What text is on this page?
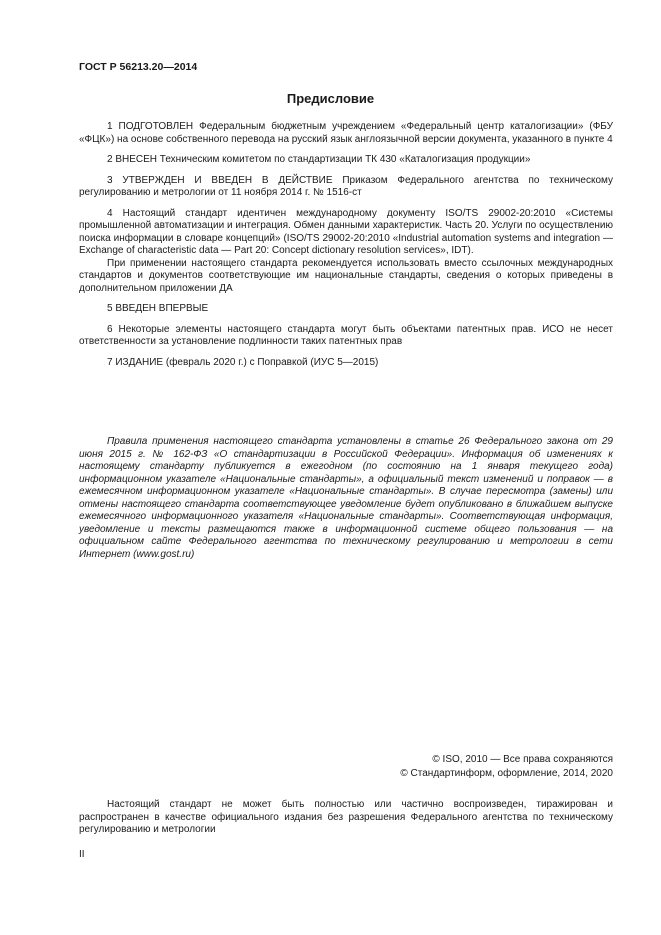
ГОСТ Р 56213.20—2014
Предисловие

1 ПОДГОТОВЛЕН Федеральным бюджетным учреждением «Федеральный центр каталогизации» (ФБУ «ФЦК») на основе собственного перевода на русский язык англоязычной версии документа, указанного в пункте 4

2 ВНЕСЕН Техническим комитетом по стандартизации ТК 430 «Каталогизация продукции»

3 УТВЕРЖДЕН И ВВЕДЕН В ДЕЙСТВИЕ Приказом Федерального агентства по техническому регулированию и метрологии от 11 ноября 2014 г. № 1516-ст

4 Настоящий стандарт идентичен международному документу ISO/TS 29002-20:2010 «Системы промышленной автоматизации и интеграция. Обмен данными характеристик. Часть 20. Услуги по осуществлению поиска информации в словаре концепций» (ISO/TS 29002-20:2010 «Industrial automation systems and integration — Exchange of characteristic data — Part 20: Concept dictionary resolution services», IDT).

При применении настоящего стандарта рекомендуется использовать вместо ссылочных международных стандартов и документов соответствующие им национальные стандарты, сведения о которых приведены в дополнительном приложении ДА

5 ВВЕДЕН ВПЕРВЫЕ

6 Некоторые элементы настоящего стандарта могут быть объектами патентных прав. ИСО не несет ответственности за установление подлинности таких патентных прав

7 ИЗДАНИЕ (февраль 2020 г.) с Поправкой (ИУС 5—2015)

Правила применения настоящего стандарта установлены в статье 26 Федерального закона от 29 июня 2015 г. № 162-ФЗ «О стандартизации в Российской Федерации». Информация об изменениях к настоящему стандарту публикуется в ежегодном (по состоянию на 1 января текущего года) информационном указателе «Национальные стандарты», а официальный текст изменений и поправок — в ежемесячном информационном указателе «Национальные стандарты». В случае пересмотра (замены) или отмены настоящего стандарта соответствующее уведомление будет опубликовано в ближайшем выпуске ежемесячного информационного указателя «Национальные стандарты». Соответствующая информация, уведомление и тексты размещаются также в информационной системе общего пользования — на официальном сайте Федерального агентства по техническому регулированию и метрологии в сети Интернет (www.gost.ru)

© ISO, 2010 — Все права сохраняются
© Стандартинформ, оформление, 2014, 2020

Настоящий стандарт не может быть полностью или частично воспроизведен, тиражирован и распространен в качестве официального издания без разрешения Федерального агентства по техническому регулированию и метрологии

II
